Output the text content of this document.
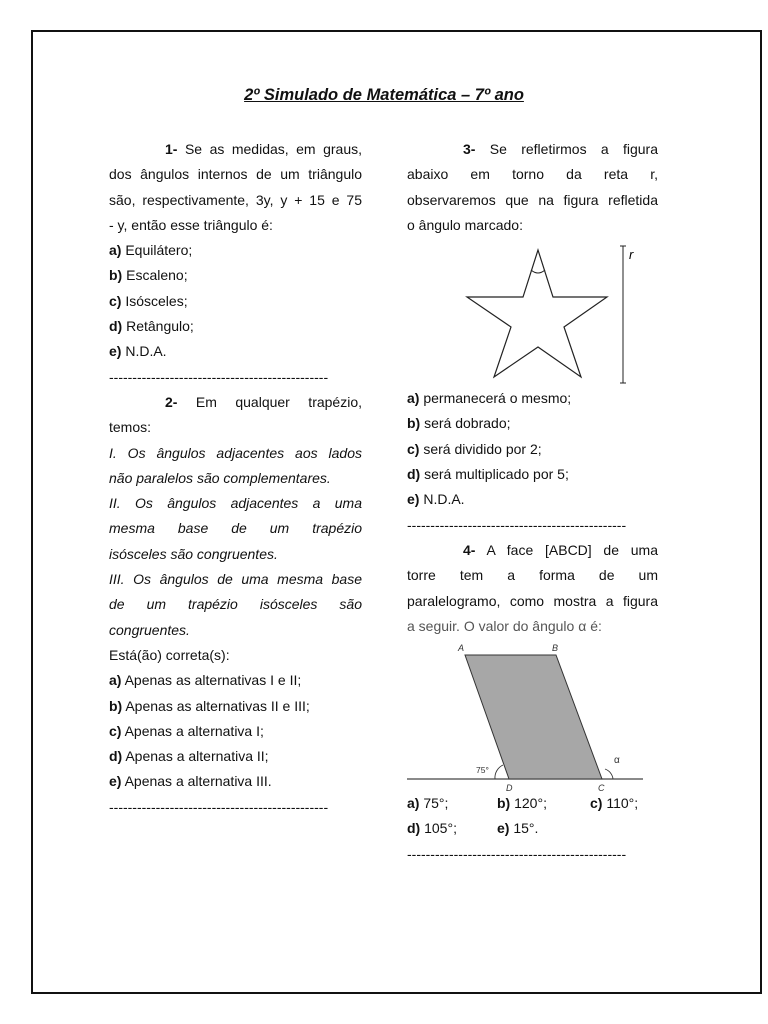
2º Simulado de Matemática – 7º ano

1- Se as medidas, em graus,

dos ângulos internos de um triângulo

são, respectivamente, 3y, y + 15 e 75

- y, então esse triângulo é:

a) Equilátero;

b) Escaleno;

c) Isósceles;

d) Retângulo;

e) N.D.A.

-----------------------------------------------

2- Em qualquer trapézio,

temos:

I. Os ângulos adjacentes aos lados

não paralelos são complementares.

II. Os ângulos adjacentes a uma

mesma base de um trapézio

isósceles são congruentes.

III. Os ângulos de uma mesma base

de um trapézio isósceles são

congruentes.

Está(ão) correta(s):

a) Apenas as alternativas I e II;

b) Apenas as alternativas II e III;

c) Apenas a alternativa I;

d) Apenas a alternativa II;

e) Apenas a alternativa III.

-----------------------------------------------

3- Se refletirmos a figura

abaixo em torno da reta r,

observaremos que na figura refletida

o ângulo marcado:

r

a) permanecerá o mesmo;

b) será dobrado;

c) será dividido por 2;

d) será multiplicado por 5;

e) N.D.A.

-----------------------------------------------

4- A face [ABCD] de uma

torre tem a forma de um

paralelogramo, como mostra a figura

a seguir. O valor do ângulo α é:

A	B
D	C
75°
α
a) 75°;	b) 120°;	c) 110°;
d) 105°;	e) 15°.

-----------------------------------------------
